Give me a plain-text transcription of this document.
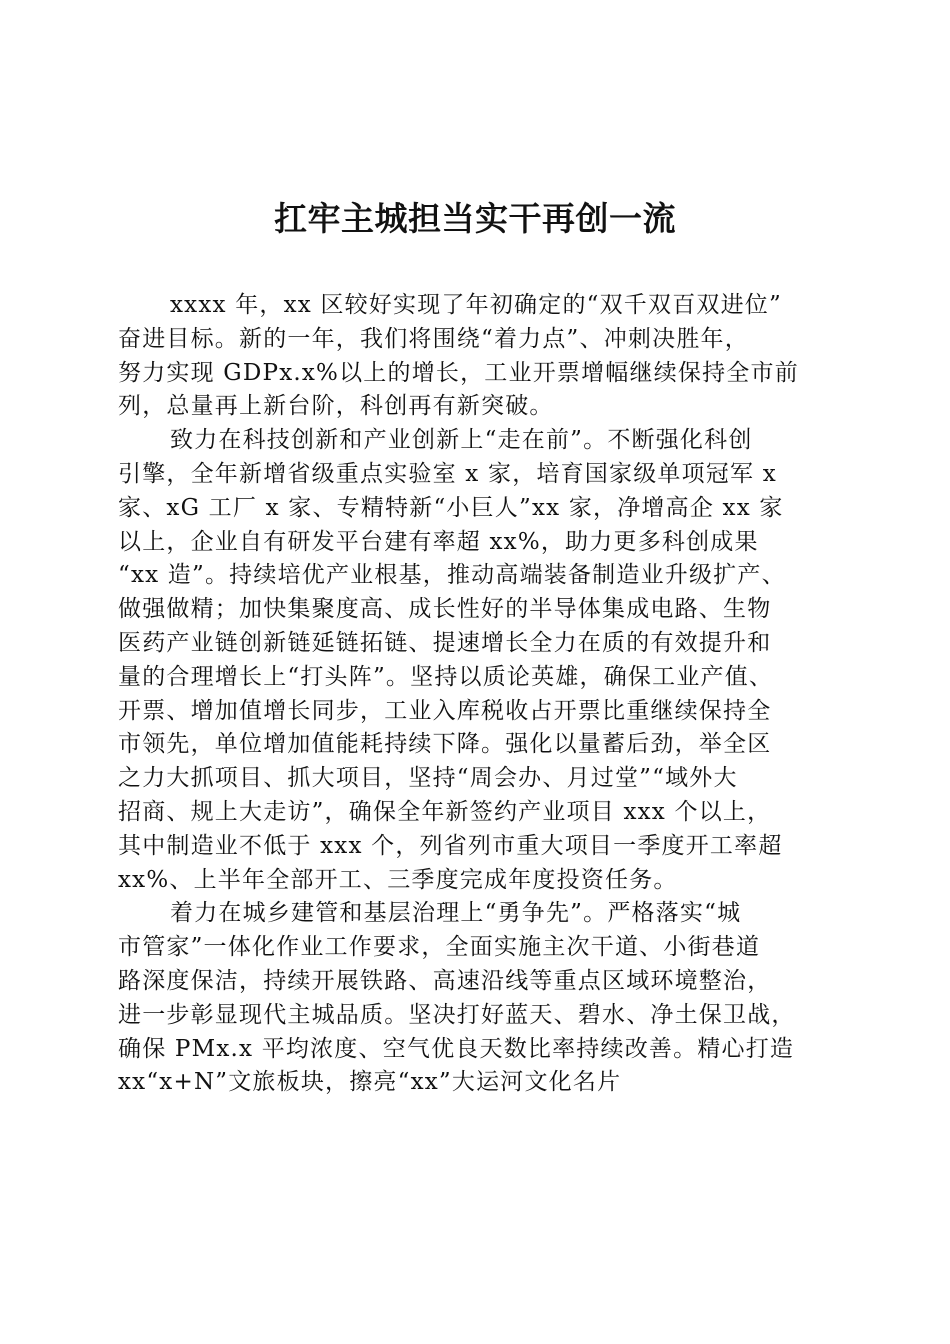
扛牢主城担当实干再创一流

xxxx 年，xx 区较好实现了年初确定的“双千双百双进位”
奋进目标。新的一年，我们将围绕“着力点”、冲刺决胜年，
努力实现 GDPx.x%以上的增长，工业开票增幅继续保持全市前
列，总量再上新台阶，科创再有新突破。

致力在科技创新和产业创新上“走在前”。不断强化科创
引擎，全年新增省级重点实验室 x 家，培育国家级单项冠军 x
家、xG 工厂 x 家、专精特新“小巨人”xx 家，净增高企 xx 家
以上，企业自有研发平台建有率超 xx%，助力更多科创成果
“xx 造”。持续培优产业根基，推动高端装备制造业升级扩产、
做强做精；加快集聚度高、成长性好的半导体集成电路、生物
医药产业链创新链延链拓链、提速增长全力在质的有效提升和
量的合理增长上“打头阵”。坚持以质论英雄，确保工业产值、
开票、增加值增长同步，工业入库税收占开票比重继续保持全
市领先，单位增加值能耗持续下降。强化以量蓄后劲，举全区
之力大抓项目、抓大项目，坚持“周会办、月过堂”“域外大
招商、规上大走访”，确保全年新签约产业项目 xxx 个以上，
其中制造业不低于 xxx 个，列省列市重大项目一季度开工率超
xx%、上半年全部开工、三季度完成年度投资任务。

着力在城乡建管和基层治理上“勇争先”。严格落实“城
市管家”一体化作业工作要求，全面实施主次干道、小街巷道
路深度保洁，持续开展铁路、高速沿线等重点区域环境整治，
进一步彰显现代主城品质。坚决打好蓝天、碧水、净土保卫战，
确保 PMx.x 平均浓度、空气优良天数比率持续改善。精心打造
xx“x+N”文旅板块，擦亮“xx”大运河文化名片
